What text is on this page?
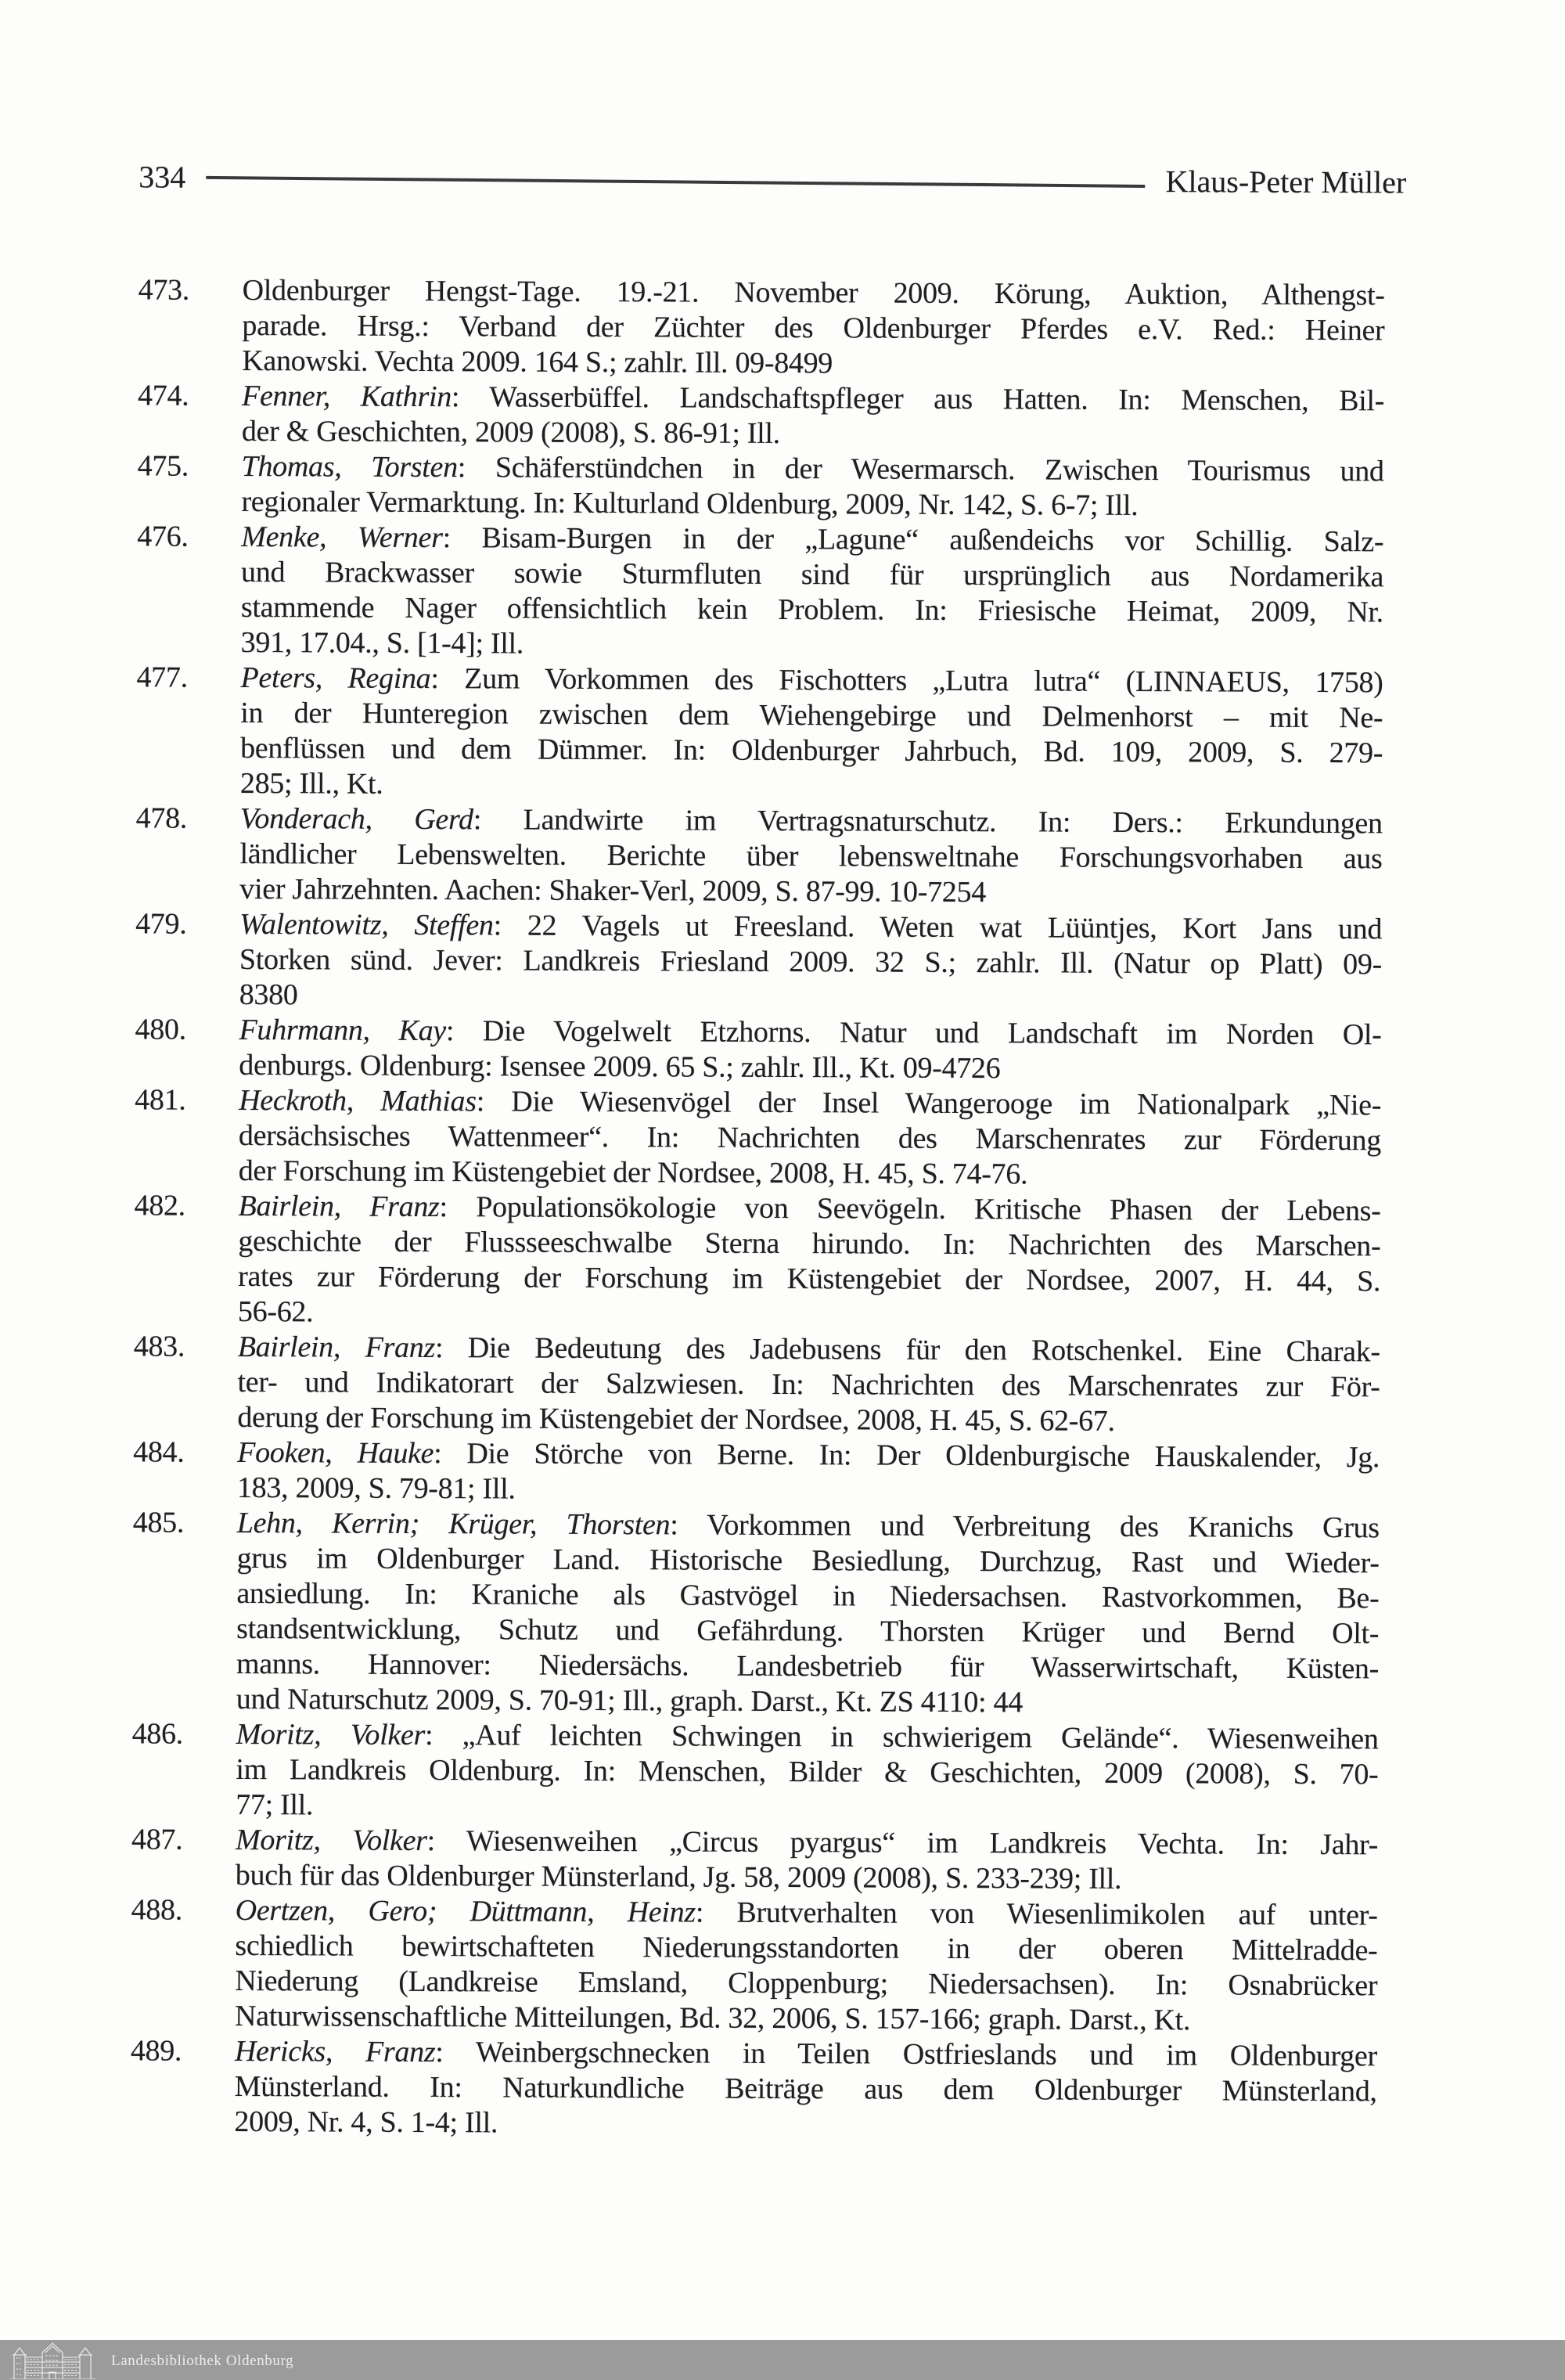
334	Klaus-Peter Müller
473. Oldenburger Hengst-Tage. 19.-21. November 2009. Körung, Auktion, Althengst-
parade. Hrsg.: Verband der Züchter des Oldenburger Pferdes e.V. Red.: Heiner
Kanowski. Vechta 2009. 164 S.; zahlr. Ill. 09-8499
474. Fenner, Kathrin: Wasserbüffel. Landschaftspfleger aus Hatten. In: Menschen, Bil-
der & Geschichten, 2009 (2008), S. 86-91; Ill.
475. Thomas, Torsten: Schäferstündchen in der Wesermarsch. Zwischen Tourismus und
regionaler Vermarktung. In: Kulturland Oldenburg, 2009, Nr. 142, S. 6-7; Ill.
476. Menke, Werner: Bisam-Burgen in der „Lagune“ außendeichs vor Schillig. Salz-
und Brackwasser sowie Sturmfluten sind für ursprünglich aus Nordamerika
stammende Nager offensichtlich kein Problem. In: Friesische Heimat, 2009, Nr.
391, 17.04., S. [1-4]; Ill.
477. Peters, Regina: Zum Vorkommen des Fischotters „Lutra lutra“ (LINNAEUS, 1758)
in der Hunteregion zwischen dem Wiehengebirge und Delmenhorst – mit Ne-
benflüssen und dem Dümmer. In: Oldenburger Jahrbuch, Bd. 109, 2009, S. 279-
285; Ill., Kt.
478. Vonderach, Gerd: Landwirte im Vertragsnaturschutz. In: Ders.: Erkundungen
ländlicher Lebenswelten. Berichte über lebensweltnahe Forschungsvorhaben aus
vier Jahrzehnten. Aachen: Shaker-Verl, 2009, S. 87-99. 10-7254
479. Walentowitz, Steffen: 22 Vagels ut Freesland. Weten wat Lüüntjes, Kort Jans und
Storken sünd. Jever: Landkreis Friesland 2009. 32 S.; zahlr. Ill. (Natur op Platt) 09-
8380
480. Fuhrmann, Kay: Die Vogelwelt Etzhorns. Natur und Landschaft im Norden Ol-
denburgs. Oldenburg: Isensee 2009. 65 S.; zahlr. Ill., Kt. 09-4726
481. Heckroth, Mathias: Die Wiesenvögel der Insel Wangerooge im Nationalpark „Nie-
dersächsisches Wattenmeer“. In: Nachrichten des Marschenrates zur Förderung
der Forschung im Küstengebiet der Nordsee, 2008, H. 45, S. 74-76.
482. Bairlein, Franz: Populationsökologie von Seevögeln. Kritische Phasen der Lebens-
geschichte der Flussseeschwalbe Sterna hirundo. In: Nachrichten des Marschen-
rates zur Förderung der Forschung im Küstengebiet der Nordsee, 2007, H. 44, S.
56-62.
483. Bairlein, Franz: Die Bedeutung des Jadebusens für den Rotschenkel. Eine Charak-
ter- und Indikatorart der Salzwiesen. In: Nachrichten des Marschenrates zur För-
derung der Forschung im Küstengebiet der Nordsee, 2008, H. 45, S. 62-67.
484. Fooken, Hauke: Die Störche von Berne. In: Der Oldenburgische Hauskalender, Jg.
183, 2009, S. 79-81; Ill.
485. Lehn, Kerrin; Krüger, Thorsten: Vorkommen und Verbreitung des Kranichs Grus
grus im Oldenburger Land. Historische Besiedlung, Durchzug, Rast und Wieder-
ansiedlung. In: Kraniche als Gastvögel in Niedersachsen. Rastvorkommen, Be-
standsentwicklung, Schutz und Gefährdung. Thorsten Krüger und Bernd Olt-
manns. Hannover: Niedersächs. Landesbetrieb für Wasserwirtschaft, Küsten-
und Naturschutz 2009, S. 70-91; Ill., graph. Darst., Kt. ZS 4110: 44
486. Moritz, Volker: „Auf leichten Schwingen in schwierigem Gelände“. Wiesenweihen
im Landkreis Oldenburg. In: Menschen, Bilder & Geschichten, 2009 (2008), S. 70-
77; Ill.
487. Moritz, Volker: Wiesenweihen „Circus pyargus“ im Landkreis Vechta. In: Jahr-
buch für das Oldenburger Münsterland, Jg. 58, 2009 (2008), S. 233-239; Ill.
488. Oertzen, Gero; Düttmann, Heinz: Brutverhalten von Wiesenlimikolen auf unter-
schiedlich bewirtschafteten Niederungsstandorten in der oberen Mittelradde-
Niederung (Landkreise Emsland, Cloppenburg; Niedersachsen). In: Osnabrücker
Naturwissenschaftliche Mitteilungen, Bd. 32, 2006, S. 157-166; graph. Darst., Kt.
489. Hericks, Franz: Weinbergschnecken in Teilen Ostfrieslands und im Oldenburger
Münsterland. In: Naturkundliche Beiträge aus dem Oldenburger Münsterland,
2009, Nr. 4, S. 1-4; Ill.
Landesbibliothek Oldenburg
